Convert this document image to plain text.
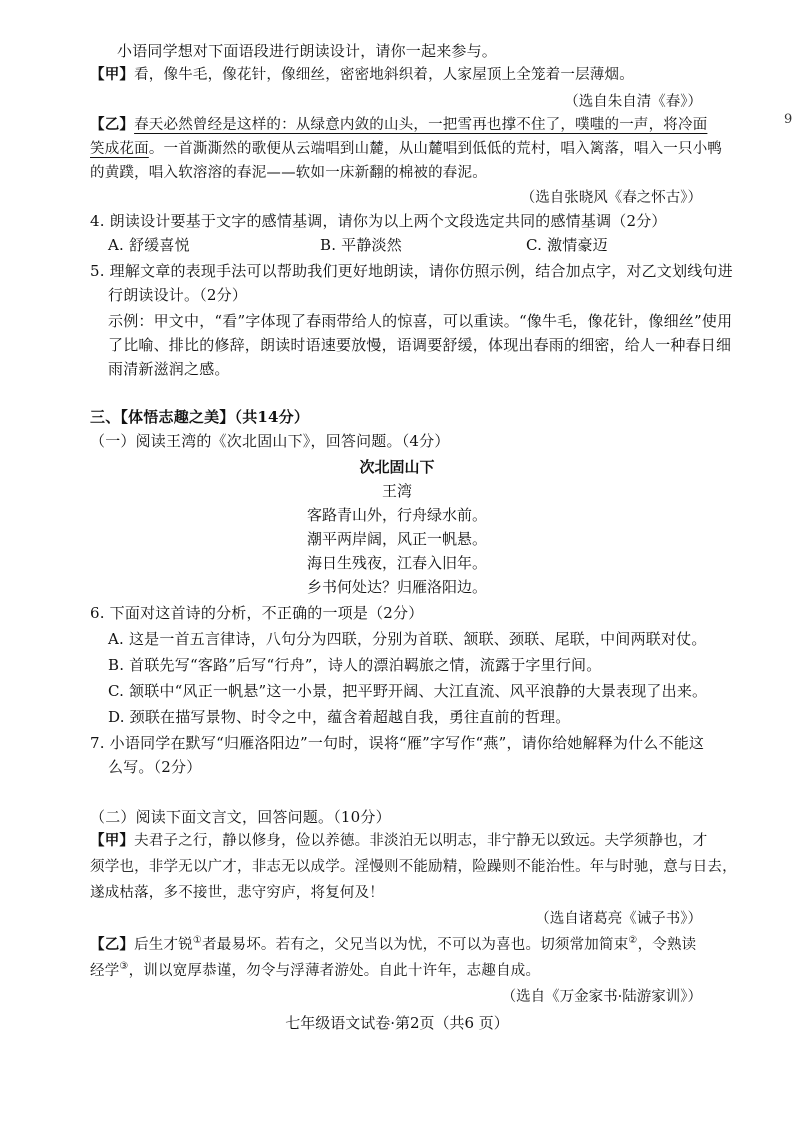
小语同学想对下面语段进行朗读设计，请你一起来参与。
【甲】看，像牛毛，像花针，像细丝，密密地斜织着，人家屋顶上全笼着一层薄烟。
（选自朱自清《春》）
【乙】春天必然曾经是这样的：从绿意内敛的山头，一把雪再也撑不住了，噗嗤的一声，将冷面	9
笑成花面。一首澌澌然的歌便从云端唱到山麓，从山麓唱到低低的荒村，唱入篱落，唱入一只小鸭
的黄蹼，唱入软溶溶的春泥——软如一床新翻的棉被的春泥。
（选自张晓风《春之怀古》）
4. 朗读设计要基于文字的感情基调，请你为以上两个文段选定共同的感情基调（2分）
A. 舒缓喜悦	B. 平静淡然	C. 激情豪迈
5. 理解文章的表现手法可以帮助我们更好地朗读，请你仿照示例，结合加点字，对乙文划线句进
行朗读设计。（2分）
示例：甲文中，“看”字体现了春雨带给人的惊喜，可以重读。“像牛毛，像花针，像细丝”使用
了比喻、排比的修辞，朗读时语速要放慢，语调要舒缓，体现出春雨的细密，给人一种春日细
雨清新滋润之感。
三、【体悟志趣之美】（共14分）
（一）阅读王湾的《次北固山下》，回答问题。（4分）
次北固山下
王湾
客路青山外，行舟绿水前。
潮平两岸阔，风正一帆悬。
海日生残夜，江春入旧年。
乡书何处达？归雁洛阳边。
6. 下面对这首诗的分析，不正确的一项是（2分）
A. 这是一首五言律诗，八句分为四联，分别为首联、颔联、颈联、尾联，中间两联对仗。
B. 首联先写“客路”后写“行舟”，诗人的漂泊羁旅之情，流露于字里行间。
C. 颔联中“风正一帆悬”这一小景，把平野开阔、大江直流、风平浪静的大景表现了出来。
D. 颈联在描写景物、时令之中，蕴含着超越自我，勇往直前的哲理。
7. 小语同学在默写“归雁洛阳边”一句时，误将“雁”字写作“燕”，请你给她解释为什么不能这
么写。（2分）
（二）阅读下面文言文，回答问题。（10分）
【甲】夫君子之行，静以修身，俭以养德。非淡泊无以明志，非宁静无以致远。夫学须静也，才
须学也，非学无以广才，非志无以成学。淫慢则不能励精，险躁则不能治性。年与时驰，意与日去，
遂成枯落，多不接世，悲守穷庐，将复何及！
（选自诸葛亮《诫子书》）
【乙】后生才锐①者最易坏。若有之，父兄当以为忧，不可以为喜也。切须常加简束②，令熟读
经学③，训以宽厚恭谨，勿令与浮薄者游处。自此十许年，志趣自成。
（选自《万金家书·陆游家训》）
七年级语文试卷·第2页（共6 页）
